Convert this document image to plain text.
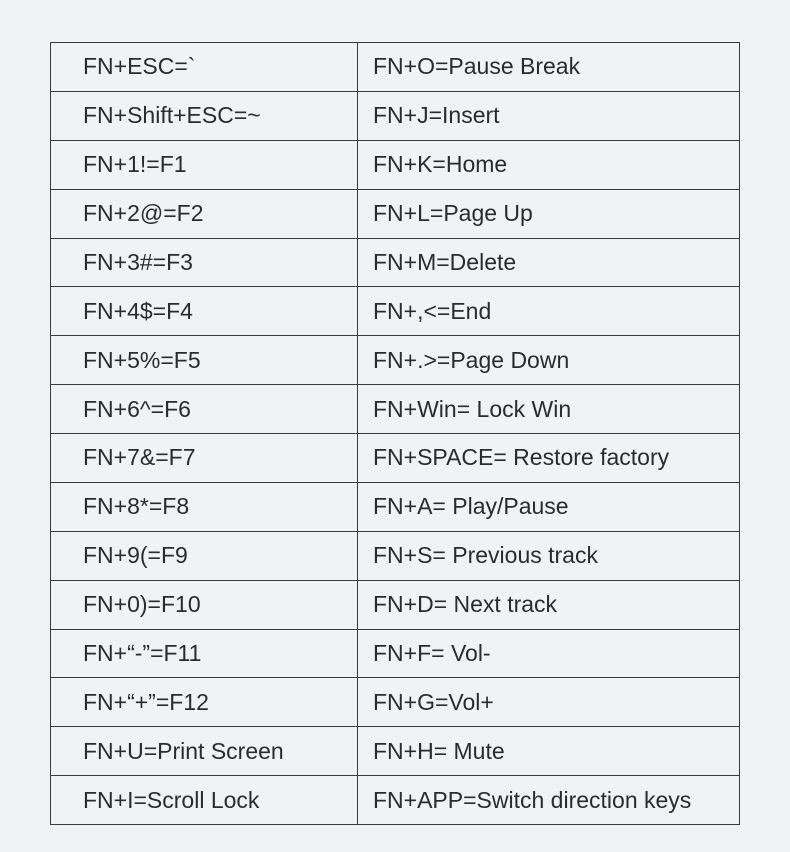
FN+ESC=`	FN+O=Pause Break
FN+Shift+ESC=~	FN+J=Insert
FN+1!=F1	FN+K=Home
FN+2@=F2	FN+L=Page Up
FN+3#=F3	FN+M=Delete
FN+4$=F4	FN+,<=End
FN+5%=F5	FN+.>=Page Down
FN+6^=F6	FN+Win= Lock Win
FN+7&=F7	FN+SPACE= Restore factory
FN+8*=F8	FN+A= Play/Pause
FN+9(=F9	FN+S= Previous track
FN+0)=F10	FN+D= Next track
FN+“-”=F11	FN+F= Vol-
FN+“+”=F12	FN+G=Vol+
FN+U=Print Screen	FN+H= Mute
FN+I=Scroll Lock	FN+APP=Switch direction keys
